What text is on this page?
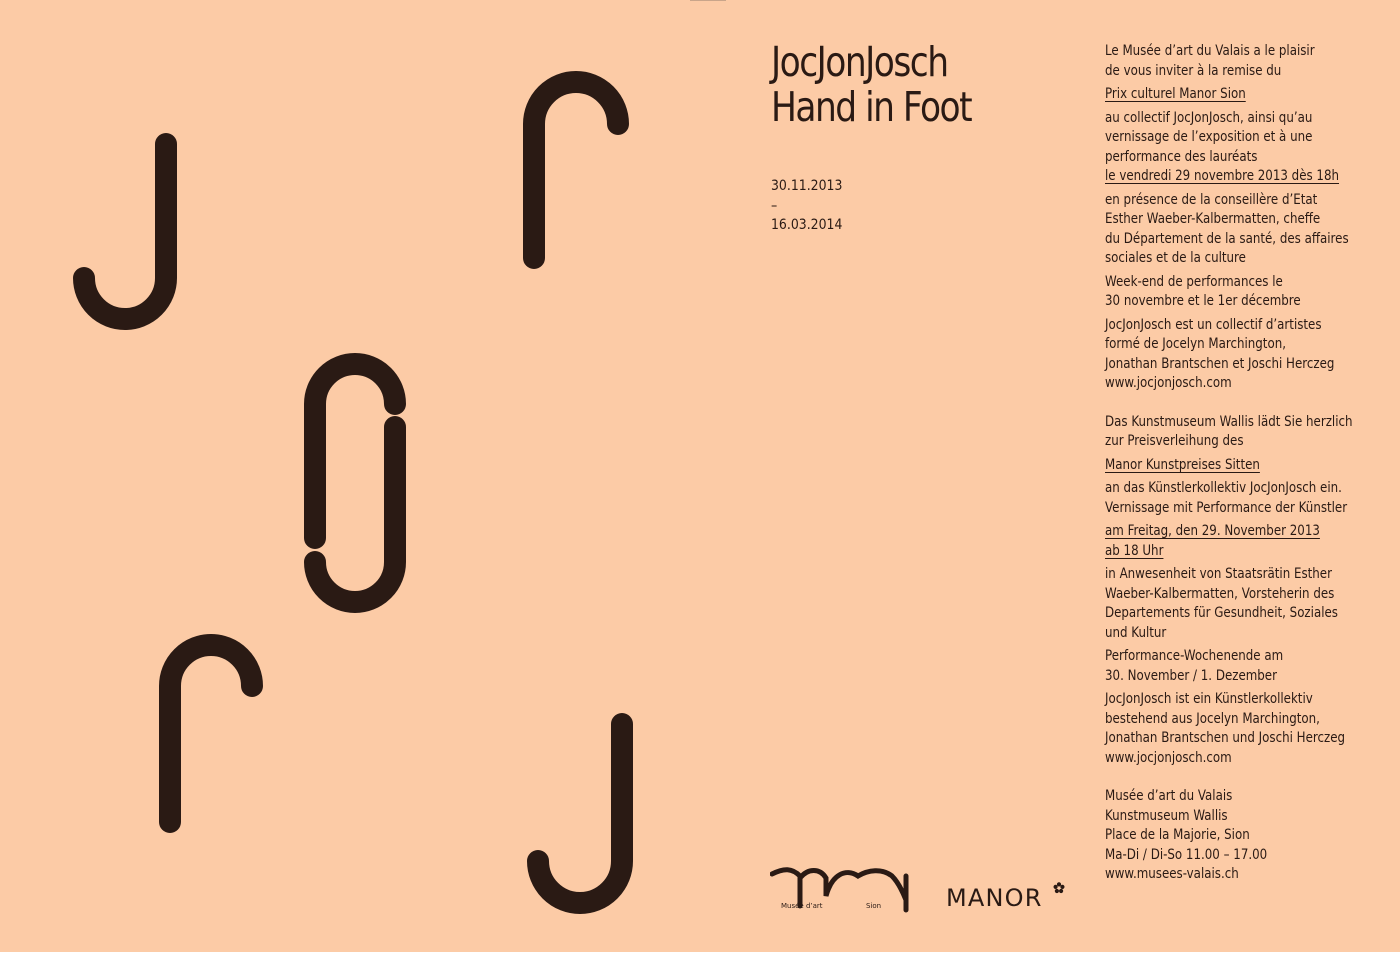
JocJonJosch
Hand in Foot
30.11.2013
–
16.03.2014
Le Musée d’art du Valais a le plaisir
de vous inviter à la remise du
Prix culturel Manor Sion
au collectif JocJonJosch, ainsi qu’au
vernissage de l’exposition et à une
performance des lauréats
le vendredi 29 novembre 2013 dès 18h
en présence de la conseillère d’Etat
Esther Waeber-Kalbermatten, cheffe
du Département de la santé, des affaires
sociales et de la culture
Week-end de performances le
30 novembre et le 1er décembre
JocJonJosch est un collectif d’artistes
formé de Jocelyn Marchington,
Jonathan Brantschen et Joschi Herczeg
www.jocjonjosch.com
Das Kunstmuseum Wallis lädt Sie herzlich
zur Preisverleihung des
Manor Kunstpreises Sitten
an das Künstlerkollektiv JocJonJosch ein.
Vernissage mit Performance der Künstler
am Freitag, den 29. November 2013
ab 18 Uhr
in Anwesenheit von Staatsrätin Esther
Waeber-Kalbermatten, Vorsteherin des
Departements für Gesundheit, Soziales
und Kultur
Performance-Wochenende am
30. November / 1. Dezember
JocJonJosch ist ein Künstlerkollektiv
bestehend aus Jocelyn Marchington,
Jonathan Brantschen und Joschi Herczeg
www.jocjonjosch.com
Musée d’art du Valais
Kunstmuseum Wallis
Place de la Majorie, Sion
Ma-Di / Di-So 11.00 – 17.00
www.musees-valais.ch
Musée d’art	Sion	MANOR
